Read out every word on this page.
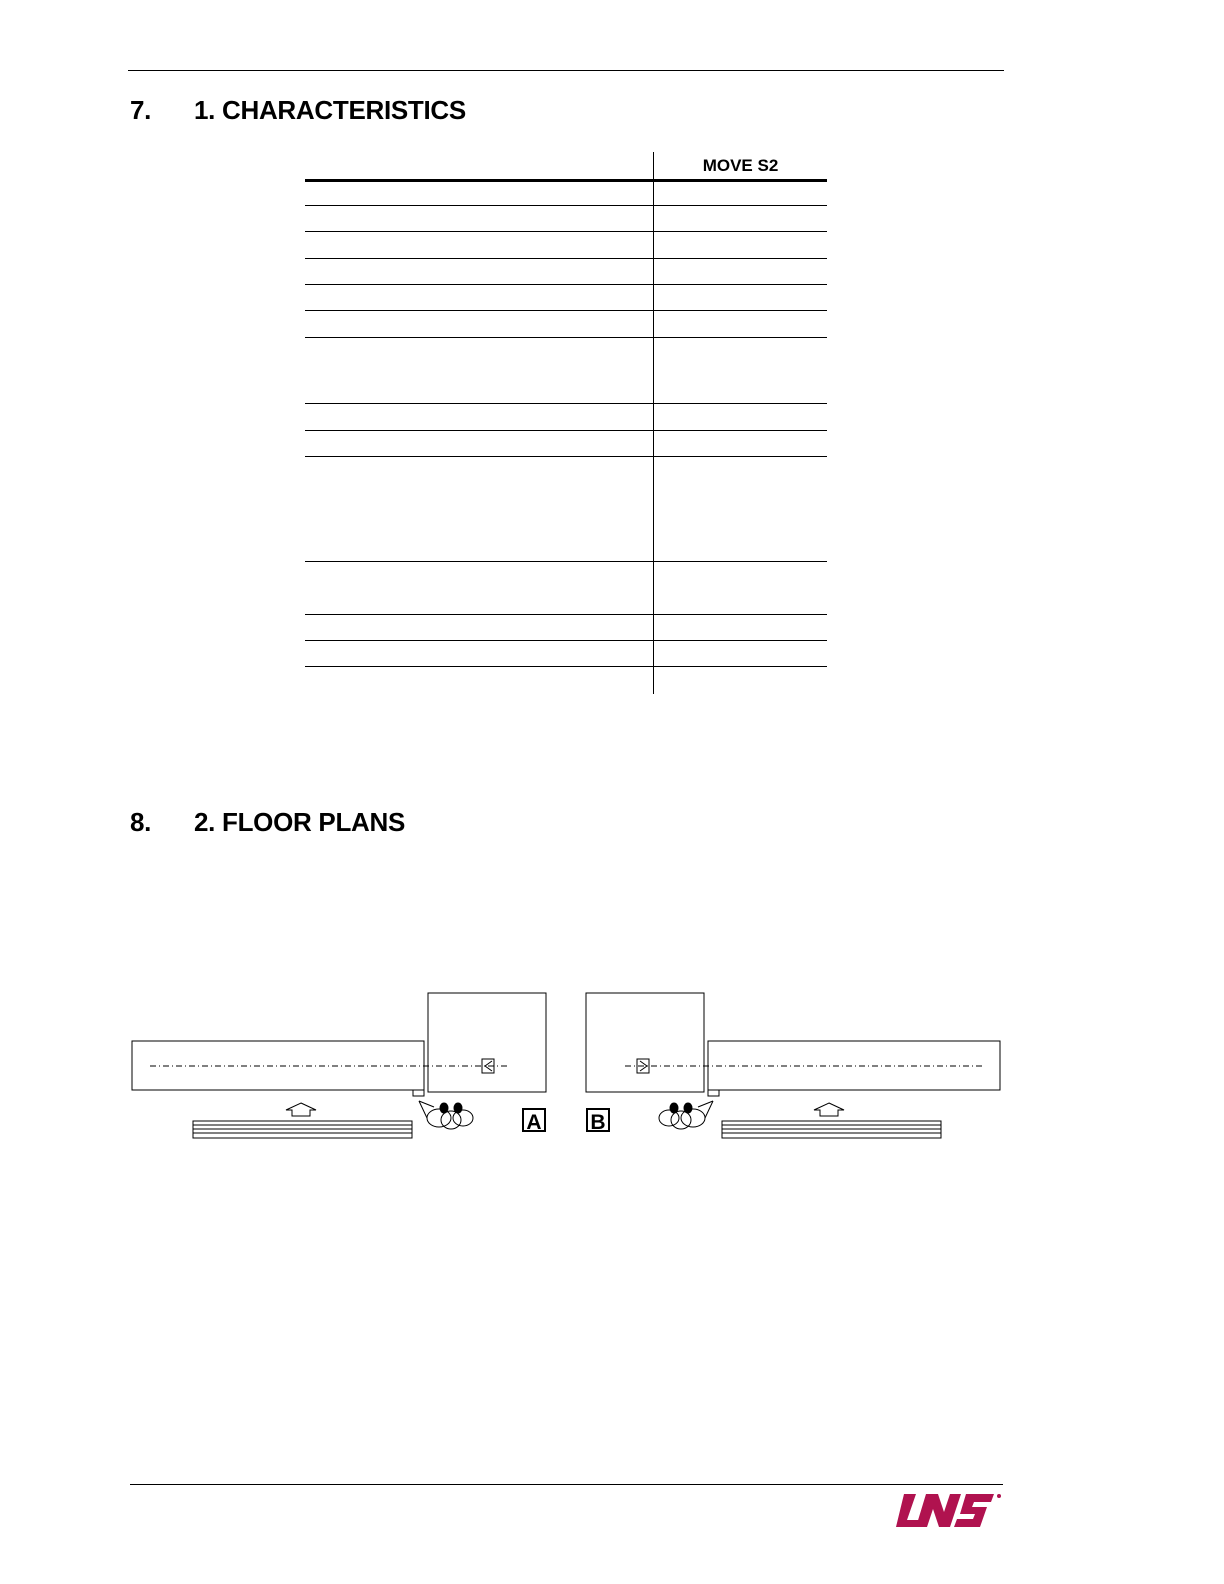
7. 1. CHARACTERISTICS
MOVE S2
8. 2. FLOOR PLANS
A B
